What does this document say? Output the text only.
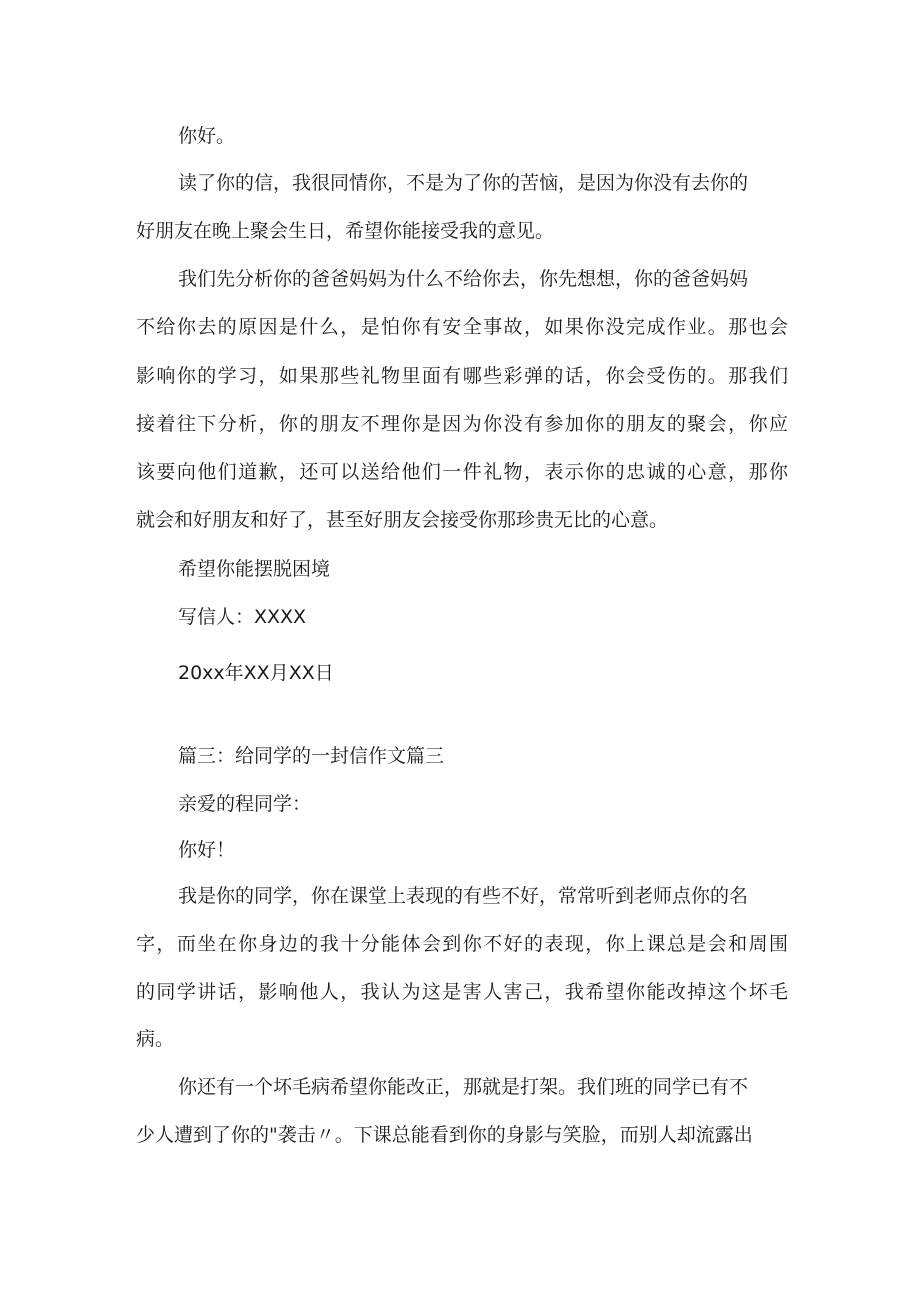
你好。

读了你的信，我很同情你，不是为了你的苦恼，是因为你没有去你的

好朋友在晚上聚会生日，希望你能接受我的意见。

我们先分析你的爸爸妈妈为什么不给你去，你先想想，你的爸爸妈妈

不给你去的原因是什么，是怕你有安全事故，如果你没完成作业。那也会

影响你的学习，如果那些礼物里面有哪些彩弹的话，你会受伤的。那我们

接着往下分析，你的朋友不理你是因为你没有参加你的朋友的聚会，你应

该要向他们道歉，还可以送给他们一件礼物，表示你的忠诚的心意，那你

就会和好朋友和好了，甚至好朋友会接受你那珍贵无比的心意。

希望你能摆脱困境

写信人：XXXX

20xx年XX月XX日

篇三：给同学的一封信作文篇三

亲爱的程同学：

你好！

我是你的同学，你在课堂上表现的有些不好，常常听到老师点你的名

字，而坐在你身边的我十分能体会到你不好的表现，你上课总是会和周围

的同学讲话，影响他人，我认为这是害人害己，我希望你能改掉这个坏毛

病。

你还有一个坏毛病希望你能改正，那就是打架。我们班的同学已有不

少人遭到了你的"袭击〃。下课总能看到你的身影与笑脸，而别人却流露出
